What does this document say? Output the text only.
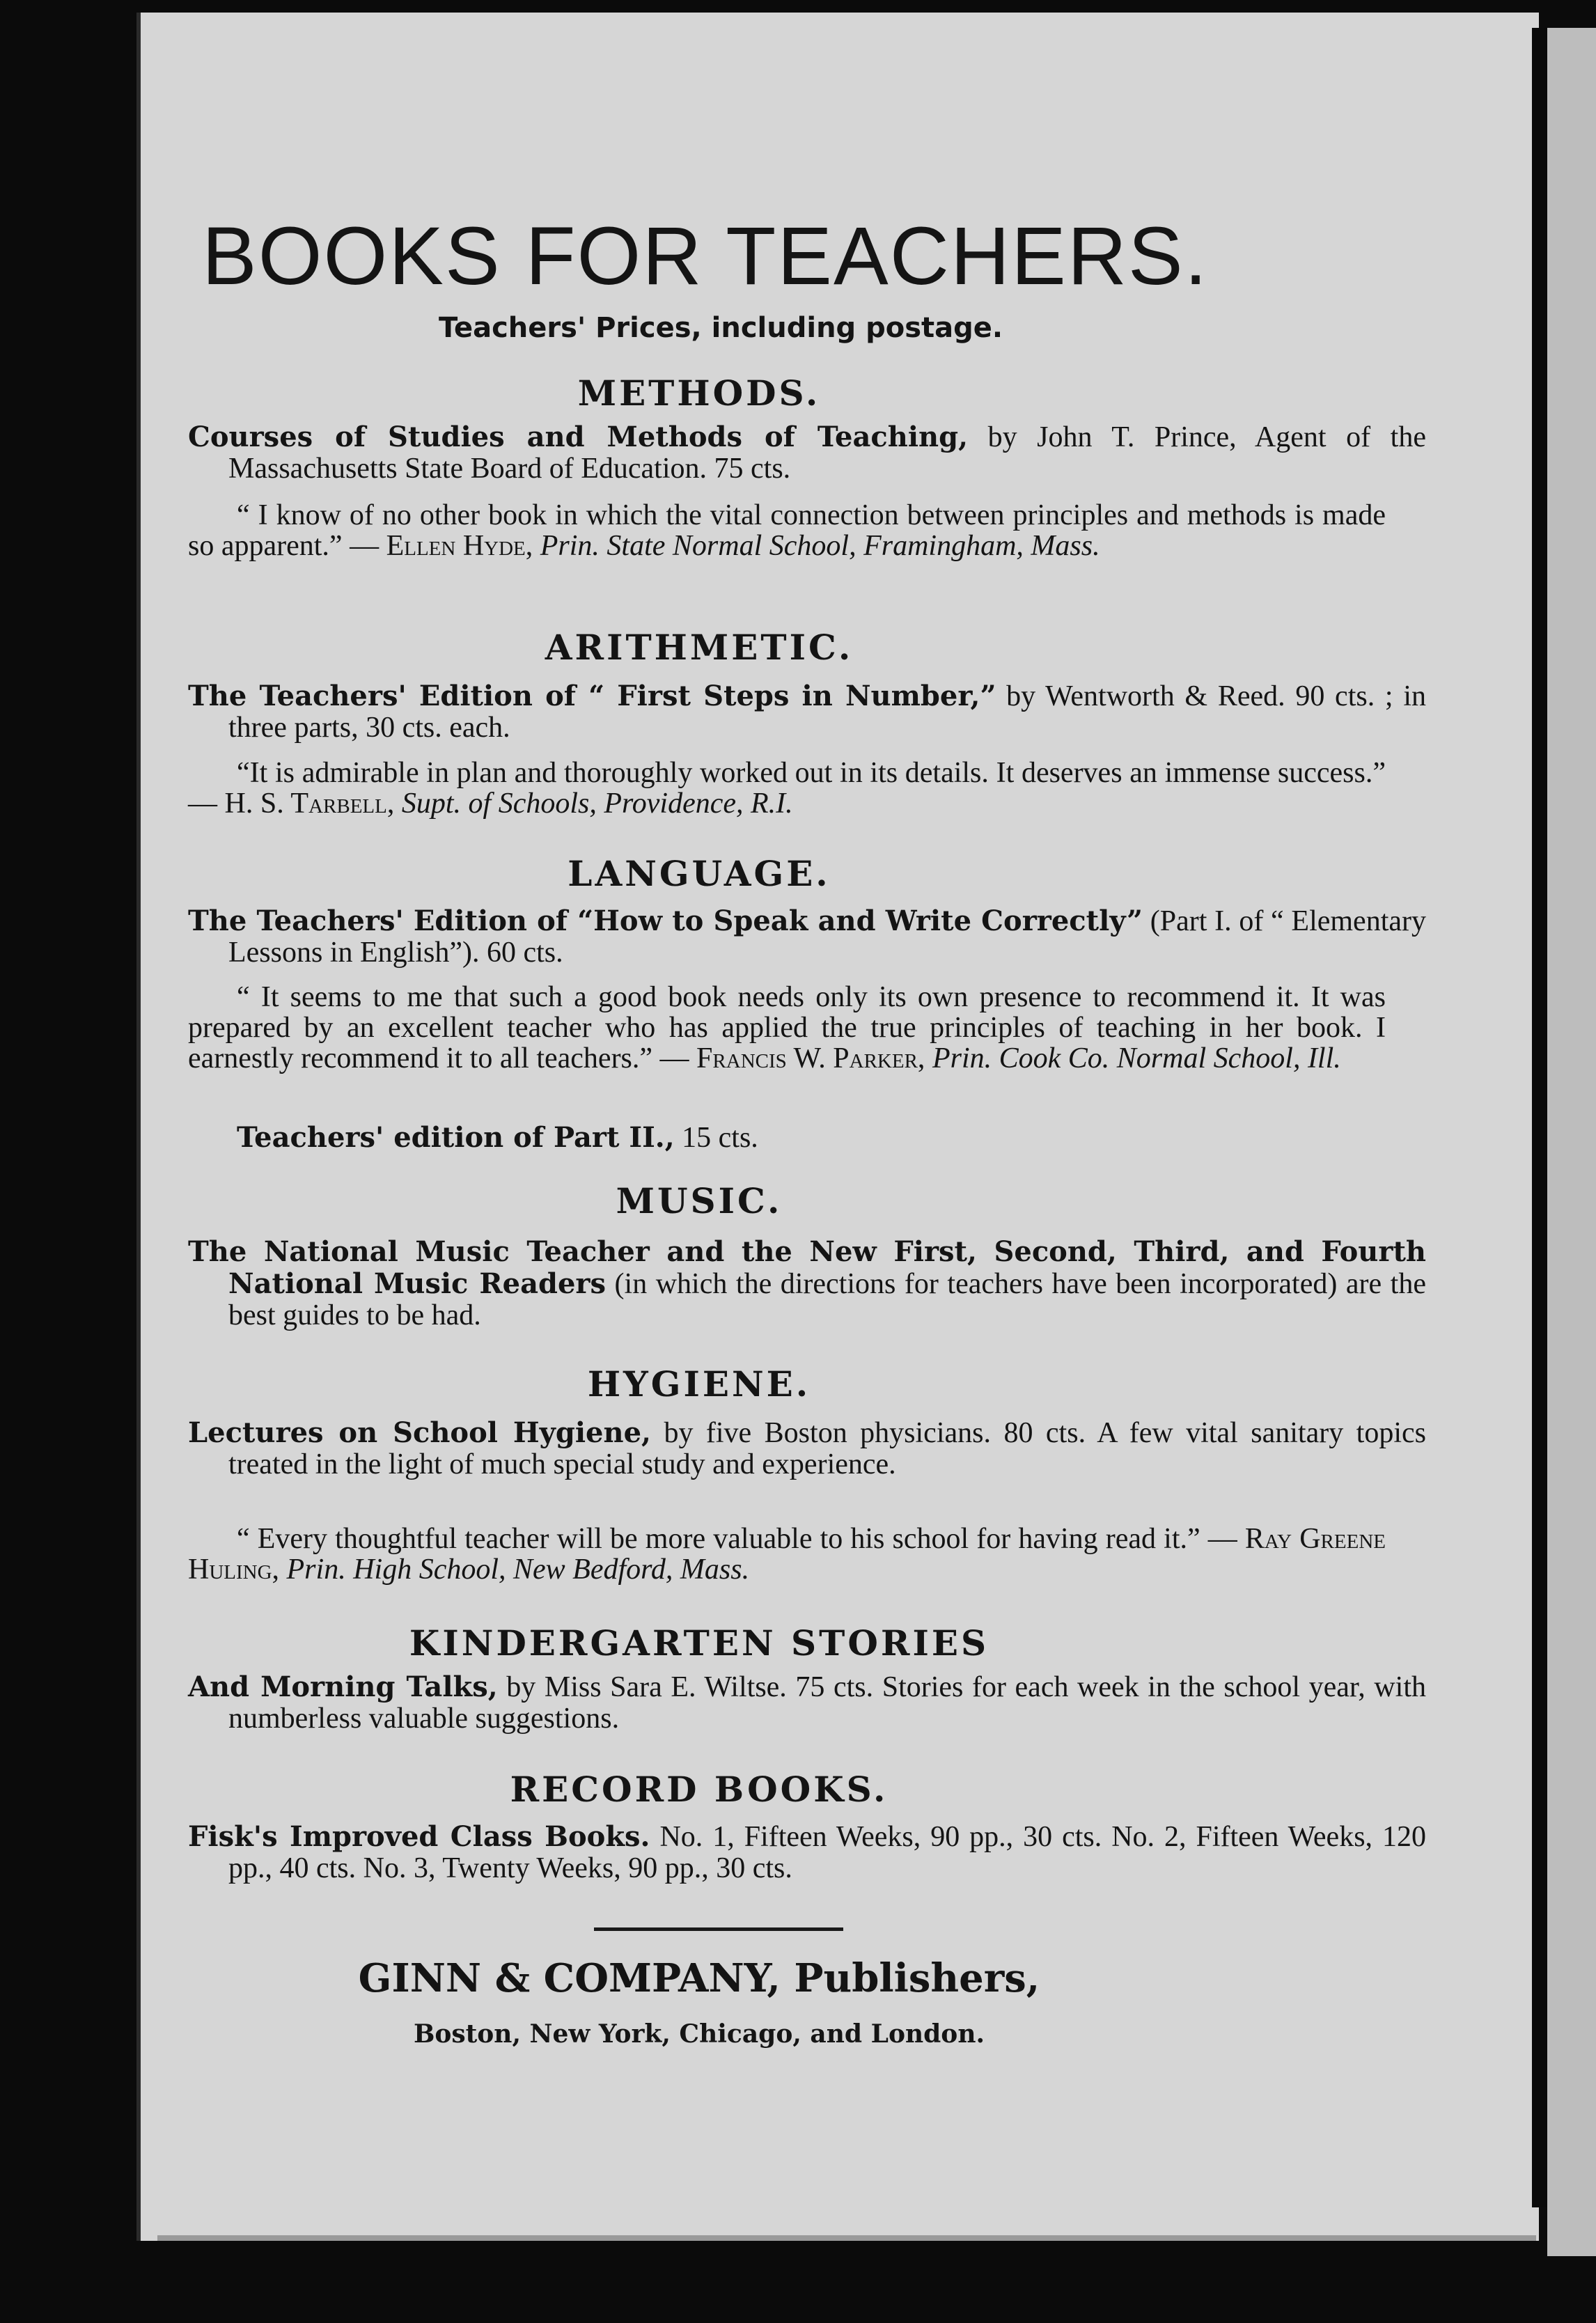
BOOKS FOR TEACHERS.
Teachers' Prices, including postage.
METHODS.
Courses of Studies and Methods of Teaching, by John T. Prince, Agent of the Massachusetts State Board of Education. 75 cts.
“ I know of no other book in which the vital connection between principles and methods is made so apparent.” — Ellen Hyde, Prin. State Normal School, Framingham, Mass.
ARITHMETIC.
The Teachers' Edition of “ First Steps in Number,” by Wentworth & Reed. 90 cts. ; in three parts, 30 cts. each.
“It is admirable in plan and thoroughly worked out in its details. It deserves an immense success.” — H. S. Tarbell, Supt. of Schools, Providence, R.I.
LANGUAGE.
The Teachers' Edition of “How to Speak and Write Correctly” (Part I. of “ Elementary Lessons in English”). 60 cts.
“ It seems to me that such a good book needs only its own presence to recommend it. It was prepared by an excellent teacher who has applied the true principles of teaching in her book. I earnestly recommend it to all teachers.” — Francis W. Parker, Prin. Cook Co. Normal School, Ill.
Teachers' edition of Part II., 15 cts.
MUSIC.
The National Music Teacher and the New First, Second, Third, and Fourth National Music Readers (in which the directions for teachers have been incorporated) are the best guides to be had.
HYGIENE.
Lectures on School Hygiene, by five Boston physicians. 80 cts. A few vital sanitary topics treated in the light of much special study and experience.
“ Every thoughtful teacher will be more valuable to his school for having read it.” — Ray Greene Huling, Prin. High School, New Bedford, Mass.
KINDERGARTEN STORIES
And Morning Talks, by Miss Sara E. Wiltse. 75 cts. Stories for each week in the school year, with numberless valuable suggestions.
RECORD BOOKS.
Fisk's Improved Class Books. No. 1, Fifteen Weeks, 90 pp., 30 cts. No. 2, Fifteen Weeks, 120 pp., 40 cts. No. 3, Twenty Weeks, 90 pp., 30 cts.
GINN & COMPANY, Publishers,
Boston, New York, Chicago, and London.
